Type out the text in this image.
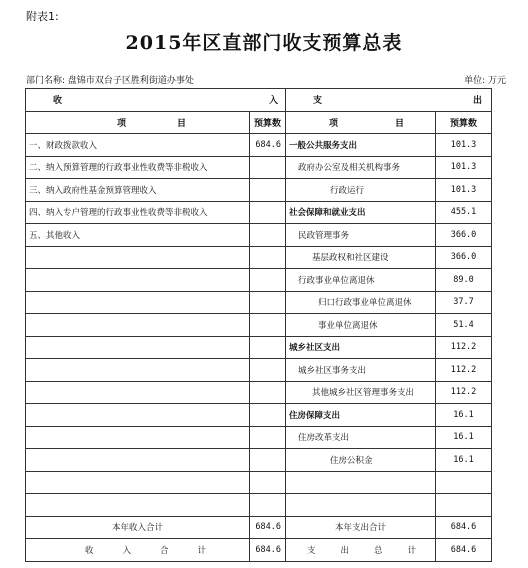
附表1:
2015年区直部门收支预算总表
部门名称: 盘锦市双台子区胜利街道办事处	单位: 万元
收 入		支 出	

项 目	预算数	项 目	预算数
一、财政拨款收入	684.6	一般公共服务支出	101.3
二、纳入预算管理的行政事业性收费等非税收入		政府办公室及相关机构事务	101.3
三、纳入政府性基金预算管理收入		行政运行	101.3
四、纳入专户管理的行政事业性收费等非税收入		社会保障和就业支出	455.1
五、其他收入		民政管理事务	366.0
		基层政权和社区建设	366.0
		行政事业单位离退休	89.0
		归口行政事业单位离退休	37.7
		事业单位离退休	51.4
		城乡社区支出	112.2
		城乡社区事务支出	112.2
		其他城乡社区管理事务支出	112.2
		住房保障支出	16.1
		住房改革支出	16.1
		住房公积金	16.1

本年收入合计	684.6	本年支出合计	684.6

收 入 合 计	684.6	支 出 总 计	684.6
